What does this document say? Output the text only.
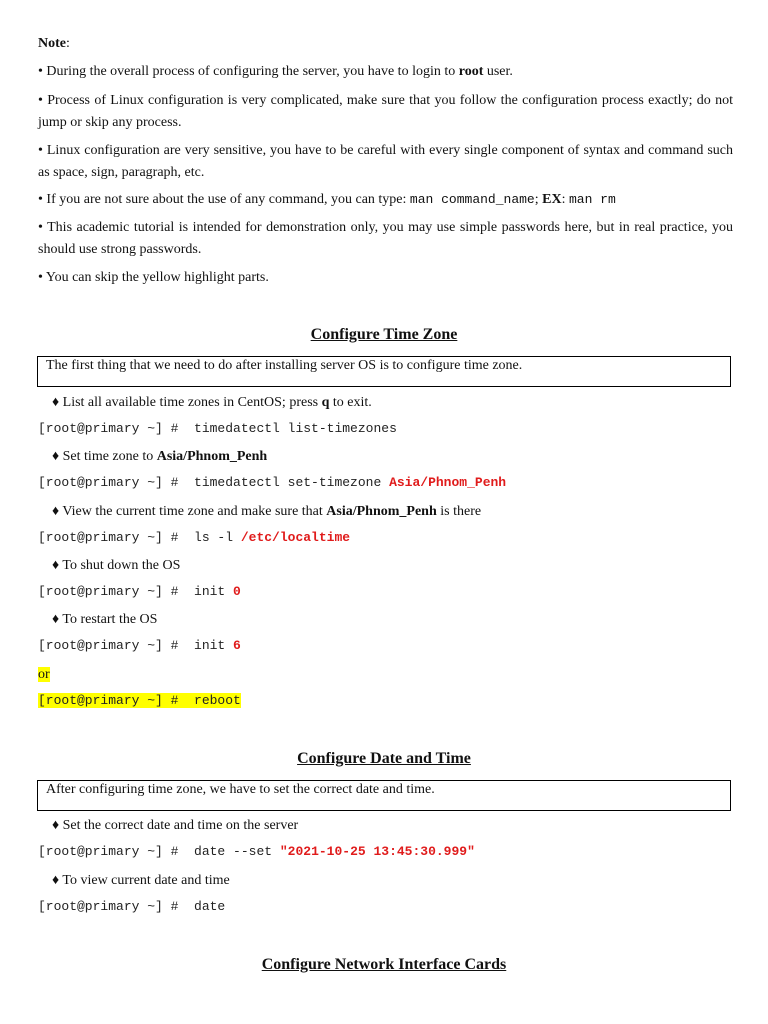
Note:
• During the overall process of configuring the server, you have to login to root user.
• Process of Linux configuration is very complicated, make sure that you follow the configuration process exactly; do not jump or skip any process.
• Linux configuration are very sensitive, you have to be careful with every single component of syntax and command such as space, sign, paragraph, etc.
• If you are not sure about the use of any command, you can type: man command_name; EX: man rm
• This academic tutorial is intended for demonstration only, you may use simple passwords here, but in real practice, you should use strong passwords.
• You can skip the yellow highlight parts.
Configure Time Zone
The first thing that we need to do after installing server OS is to configure time zone.
♦ List all available time zones in CentOS; press q to exit.
[root@primary ~] #  timedatectl list-timezones
♦ Set time zone to Asia/Phnom_Penh
[root@primary ~] #  timedatectl set-timezone Asia/Phnom_Penh
♦ View the current time zone and make sure that Asia/Phnom_Penh is there
[root@primary ~] #  ls -l /etc/localtime
♦ To shut down the OS
[root@primary ~] #  init 0
♦ To restart the OS
[root@primary ~] #  init 6
or
[root@primary ~] #  reboot
Configure Date and Time
After configuring time zone, we have to set the correct date and time.
♦ Set the correct date and time on the server
[root@primary ~] #  date --set "2021-10-25 13:45:30.999"
♦ To view current date and time
[root@primary ~] #  date
Configure Network Interface Cards
